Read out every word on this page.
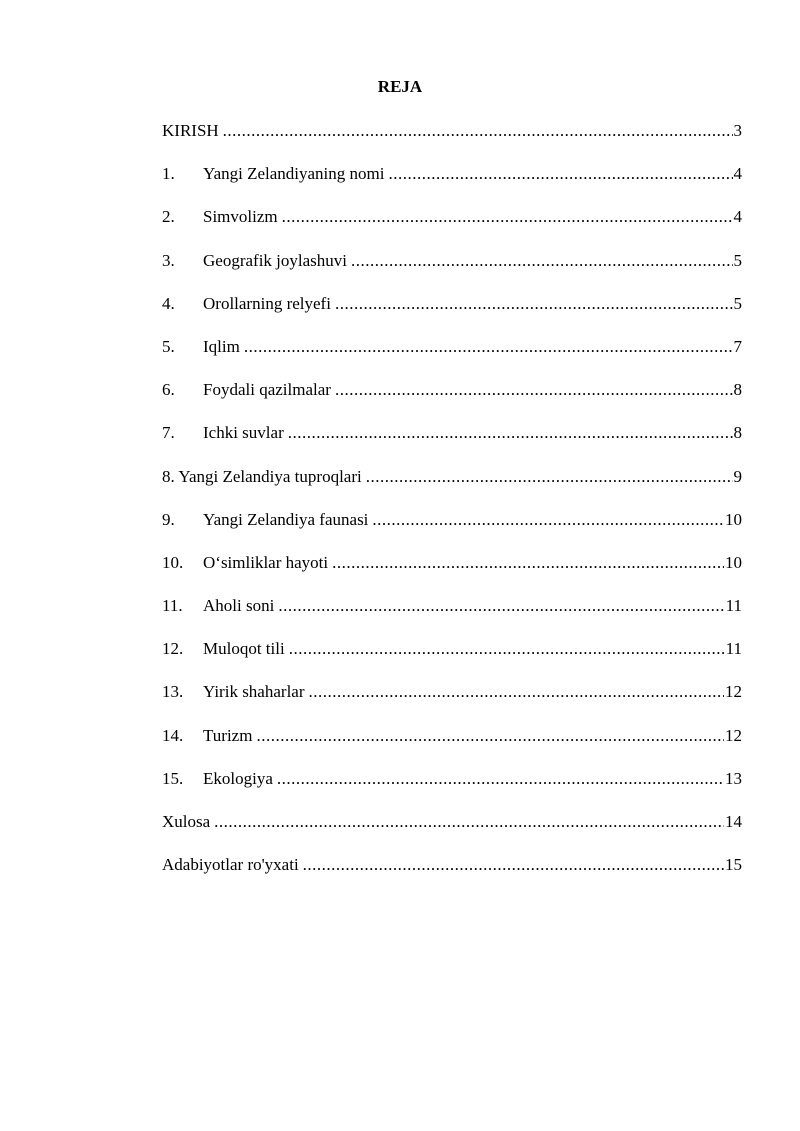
REJA
KIRISH .....	3
1.	Yangi Zelandiyaning nomi .....	4
2.	Simvolizm .....	4
3.	Geografik joylashuvi .....	5
4.	Orollarning relyefi .....	5
5.	Iqlim .....	7
6.	Foydali qazilmalar .....	8
7.	Ichki suvlar .....	8
8. Yangi Zelandiya tuproqlari .....	9
9.	Yangi Zelandiya faunasi .....	10
10.	O‘simliklar hayoti .....	10
11.	Aholi soni .....	11
12.	Muloqot tili .....	11
13.	Yirik shaharlar .....	12
14.	Turizm .....	12
15.	Ekologiya .....	13
Xulosa .....	14
Adabiyotlar ro'yxati .....	15
